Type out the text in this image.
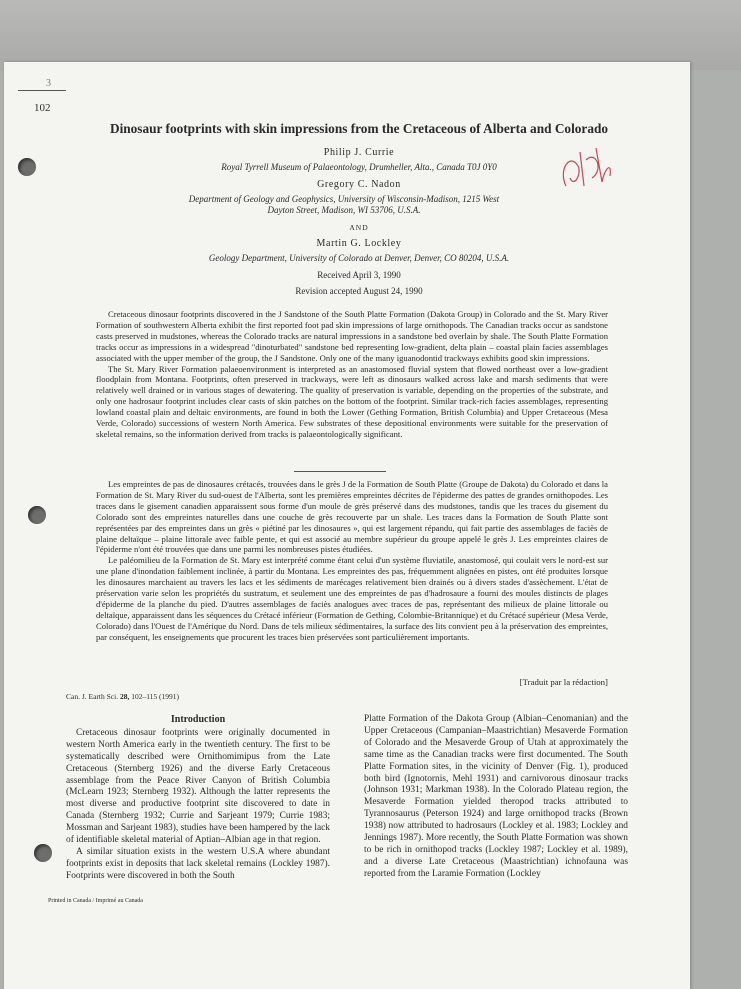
3
102
Dinosaur footprints with skin impressions from the Cretaceous of Alberta and Colorado
Philip J. Currie
Royal Tyrrell Museum of Palaeontology, Drumheller, Alta., Canada T0J 0Y0
Gregory C. Nadon
Department of Geology and Geophysics, University of Wisconsin-Madison, 1215 West Dayton Street, Madison, WI 53706, U.S.A.
AND
Martin G. Lockley
Geology Department, University of Colorado at Denver, Denver, CO 80204, U.S.A.
Received April 3, 1990
Revision accepted August 24, 1990

Cretaceous dinosaur footprints discovered in the J Sandstone of the South Platte Formation (Dakota Group) in Colorado and the St. Mary River Formation of southwestern Alberta exhibit the first reported foot pad skin impressions of large ornithopods. The Canadian tracks occur as sandstone casts preserved in mudstones, whereas the Colorado tracks are natural impressions in a sandstone bed overlain by shale. The South Platte Formation tracks occur as impressions in a widespread "dinoturbated" sandstone bed representing low-gradient, delta plain – coastal plain facies assemblages associated with the upper member of the group, the J Sandstone. Only one of the many iguanodontid trackways exhibits good skin impressions.

The St. Mary River Formation palaeoenvironment is interpreted as an anastomosed fluvial system that flowed northeast over a low-gradient floodplain from Montana. Footprints, often preserved in trackways, were left as dinosaurs walked across lake and marsh sediments that were relatively well drained or in various stages of dewatering. The quality of preservation is variable, depending on the properties of the substrate, and only one hadrosaur footprint includes clear casts of skin patches on the bottom of the footprint. Similar track-rich facies assemblages, representing lowland coastal plain and deltaic environments, are found in both the Lower (Gething Formation, British Columbia) and Upper Cretaceous (Mesa Verde, Colorado) successions of western North America. Few substrates of these depositional environments were suitable for the preservation of skeletal remains, so the information derived from tracks is palaeontologically significant.

Les empreintes de pas de dinosaures crétacés, trouvées dans le grès J de la Formation de South Platte (Groupe de Dakota) du Colorado et dans la Formation de St. Mary River du sud-ouest de l'Alberta, sont les premières empreintes décrites de l'épiderme des pattes de grandes ornithopodes. Les traces dans le gisement canadien apparaissent sous forme d'un moule de grès préservé dans des mudstones, tandis que les traces du gisement du Colorado sont des empreintes naturelles dans une couche de grès recouverte par un shale. Les traces dans la Formation de South Platte sont représentées par des empreintes dans un grès « piétiné par les dinosaures », qui est largement répandu, qui fait partie des assemblages de faciès de plaine deltaïque – plaine littorale avec faible pente, et qui est associé au membre supérieur du groupe appelé le grès J. Les empreintes claires de l'épiderme n'ont été trouvées que dans une parmi les nombreuses pistes étudiées.

Le paléomilieu de la Formation de St. Mary est interprété comme étant celui d'un système fluviatile, anastomosé, qui coulait vers le nord-est sur une plane d'inondation faiblement inclinée, à partir du Montana. Les empreintes des pas, fréquemment alignées en pistes, ont été produites lorsque les dinosaures marchaient au travers les lacs et les sédiments de marécages relativement bien drainés ou à divers stades d'assèchement. L'état de préservation varie selon les propriétés du sustratum, et seulement une des empreintes de pas d'hadrosaure a fourni des moules distincts de plages d'épiderme de la planche du pied. D'autres assemblages de faciès analogues avec traces de pas, représentant des milieux de plaine littorale ou deltaïque, apparaissent dans les séquences du Crétacé inférieur (Formation de Gething, Colombie-Britannique) et du Crétacé supérieur (Mesa Verde, Colorado) dans l'Ouest de l'Amérique du Nord. Dans de tels milieux sédimentaires, la surface des lits convient peu à la préservation des empreintes, par conséquent, les enseignements que procurent les traces bien préservées sont particulièrement importants.

[Traduit par la rédaction]
Can. J. Earth Sci. 28, 102–115 (1991)
Introduction

Cretaceous dinosaur footprints were originally documented in western North America early in the twentieth century. The first to be systematically described were Ornithomimipus from the Late Cretaceous (Sternberg 1926) and the diverse Early Cretaceous assemblage from the Peace River Canyon of British Columbia (McLearn 1923; Sternberg 1932). Although the latter represents the most diverse and productive footprint site discovered to date in Canada (Sternberg 1932; Currie and Sarjeant 1979; Currie 1983; Mossman and Sarjeant 1983), studies have been hampered by the lack of identifiable skeletal material of Aptian–Albian age in that region.

A similar situation exists in the western U.S.A where abundant footprints exist in deposits that lack skeletal remains (Lockley 1987). Footprints were discovered in both the South

Platte Formation of the Dakota Group (Albian–Cenomanian) and the Upper Cretaceous (Campanian–Maastrichtian) Mesaverde Formation of Colorado and the Mesaverde Group of Utah at approximately the same time as the Canadian tracks were first documented. The South Platte Formation sites, in the vicinity of Denver (Fig. 1), produced both bird (Ignotornis, Mehl 1931) and carnivorous dinosaur tracks (Johnson 1931; Markman 1938). In the Colorado Plateau region, the Mesaverde Formation yielded theropod tracks attributed to Tyrannosaurus (Peterson 1924) and large ornithopod tracks (Brown 1938) now attributed to hadrosaurs (Lockley et al. 1983; Lockley and Jennings 1987). More recently, the South Platte Formation was shown to be rich in ornithopod tracks (Lockley 1987; Lockley et al. 1989), and a diverse Late Cretaceous (Maastrichtian) ichnofauna was reported from the Laramie Formation (Lockley

Printed in Canada / Imprimé au Canada
